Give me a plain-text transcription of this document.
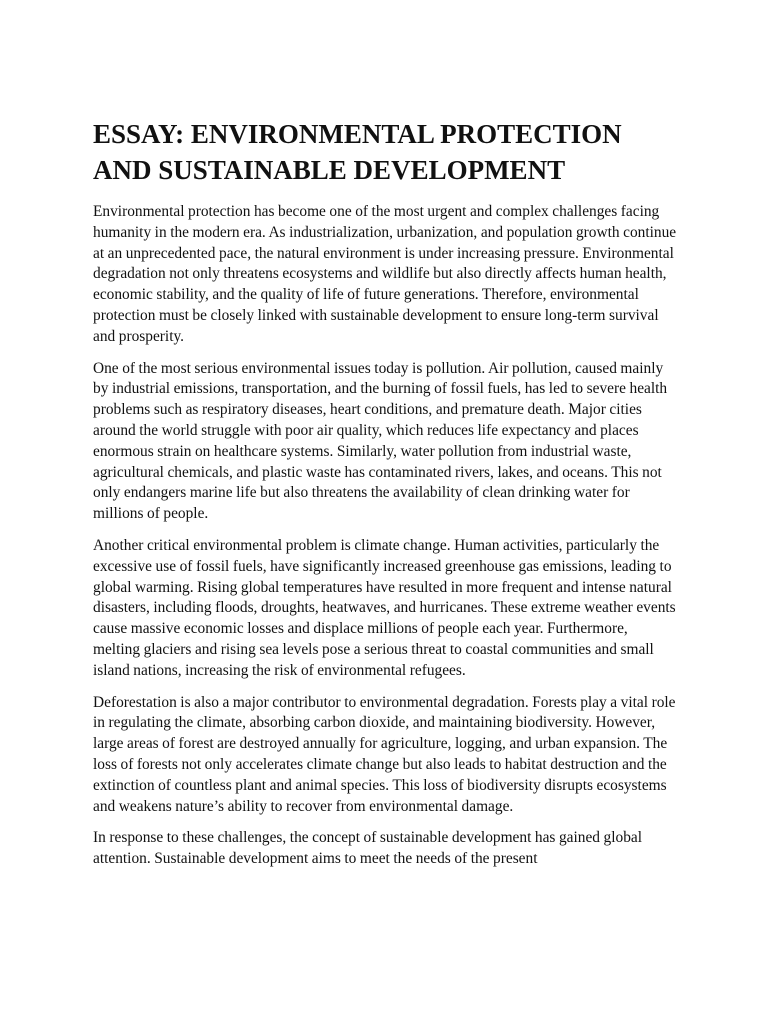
ESSAY: ENVIRONMENTAL PROTECTION
AND SUSTAINABLE DEVELOPMENT

Environmental protection has become one of the most urgent and complex challenges facing humanity in the modern era. As industrialization, urbanization, and population growth continue at an unprecedented pace, the natural environment is under increasing pressure. Environmental degradation not only threatens ecosystems and wildlife but also directly affects human health, economic stability, and the quality of life of future generations. Therefore, environmental protection must be closely linked with sustainable development to ensure long-term survival and prosperity.

One of the most serious environmental issues today is pollution. Air pollution, caused mainly by industrial emissions, transportation, and the burning of fossil fuels, has led to severe health problems such as respiratory diseases, heart conditions, and premature death. Major cities around the world struggle with poor air quality, which reduces life expectancy and places enormous strain on healthcare systems. Similarly, water pollution from industrial waste, agricultural chemicals, and plastic waste has contaminated rivers, lakes, and oceans. This not only endangers marine life but also threatens the availability of clean drinking water for millions of people.

Another critical environmental problem is climate change. Human activities, particularly the excessive use of fossil fuels, have significantly increased greenhouse gas emissions, leading to global warming. Rising global temperatures have resulted in more frequent and intense natural disasters, including floods, droughts, heatwaves, and hurricanes. These extreme weather events cause massive economic losses and displace millions of people each year. Furthermore, melting glaciers and rising sea levels pose a serious threat to coastal communities and small island nations, increasing the risk of environmental refugees.

Deforestation is also a major contributor to environmental degradation. Forests play a vital role in regulating the climate, absorbing carbon dioxide, and maintaining biodiversity. However, large areas of forest are destroyed annually for agriculture, logging, and urban expansion. The loss of forests not only accelerates climate change but also leads to habitat destruction and the extinction of countless plant and animal species. This loss of biodiversity disrupts ecosystems and weakens nature’s ability to recover from environmental damage.

In response to these challenges, the concept of sustainable development has gained global attention. Sustainable development aims to meet the needs of the present
